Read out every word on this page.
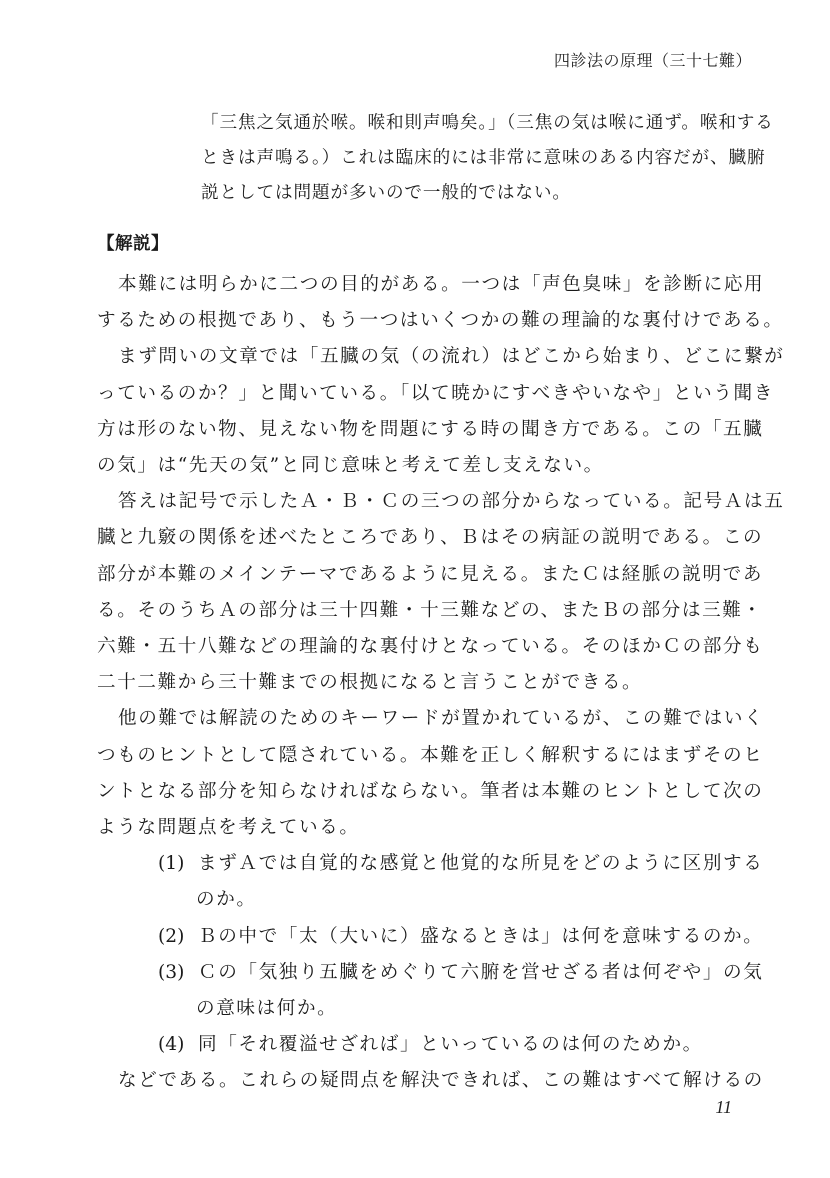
四診法の原理（三十七難）
「三焦之気通於喉。喉和則声鳴矣。」（三焦の気は喉に通ず。喉和する
ときは声鳴る。）これは臨床的には非常に意味のある内容だが、臓腑
説としては問題が多いので一般的ではない。
【解説】
本難には明らかに二つの目的がある。一つは「声色臭味」を診断に応用
するための根拠であり、もう一つはいくつかの難の理論的な裏付けである。
まず問いの文章では「五臓の気（の流れ）はどこから始まり、どこに繋が
っているのか？」と聞いている。「以て暁かにすべきやいなや」という聞き
方は形のない物、見えない物を問題にする時の聞き方である。この「五臓
の気」は“先天の気”と同じ意味と考えて差し支えない。
答えは記号で示したＡ・Ｂ・Ｃの三つの部分からなっている。記号Ａは五
臓と九竅の関係を述べたところであり、Ｂはその病証の説明である。この
部分が本難のメインテーマであるように見える。またＣは経脈の説明であ
る。そのうちＡの部分は三十四難・十三難などの、またＢの部分は三難・
六難・五十八難などの理論的な裏付けとなっている。そのほかＣの部分も
二十二難から三十難までの根拠になると言うことができる。
他の難では解読のためのキーワードが置かれているが、この難ではいく
つものヒントとして隠されている。本難を正しく解釈するにはまずそのヒ
ントとなる部分を知らなければならない。筆者は本難のヒントとして次の
ような問題点を考えている。
(1) まずＡでは自覚的な感覚と他覚的な所見をどのように区別する
のか。
(2) Ｂの中で「太（大いに）盛なるときは」は何を意味するのか。
(3) Ｃの「気独り五臓をめぐりて六腑を営せざる者は何ぞや」の気
の意味は何か。
(4) 同「それ覆溢せざれば」といっているのは何のためか。
などである。これらの疑問点を解決できれば、この難はすべて解けるの
11
